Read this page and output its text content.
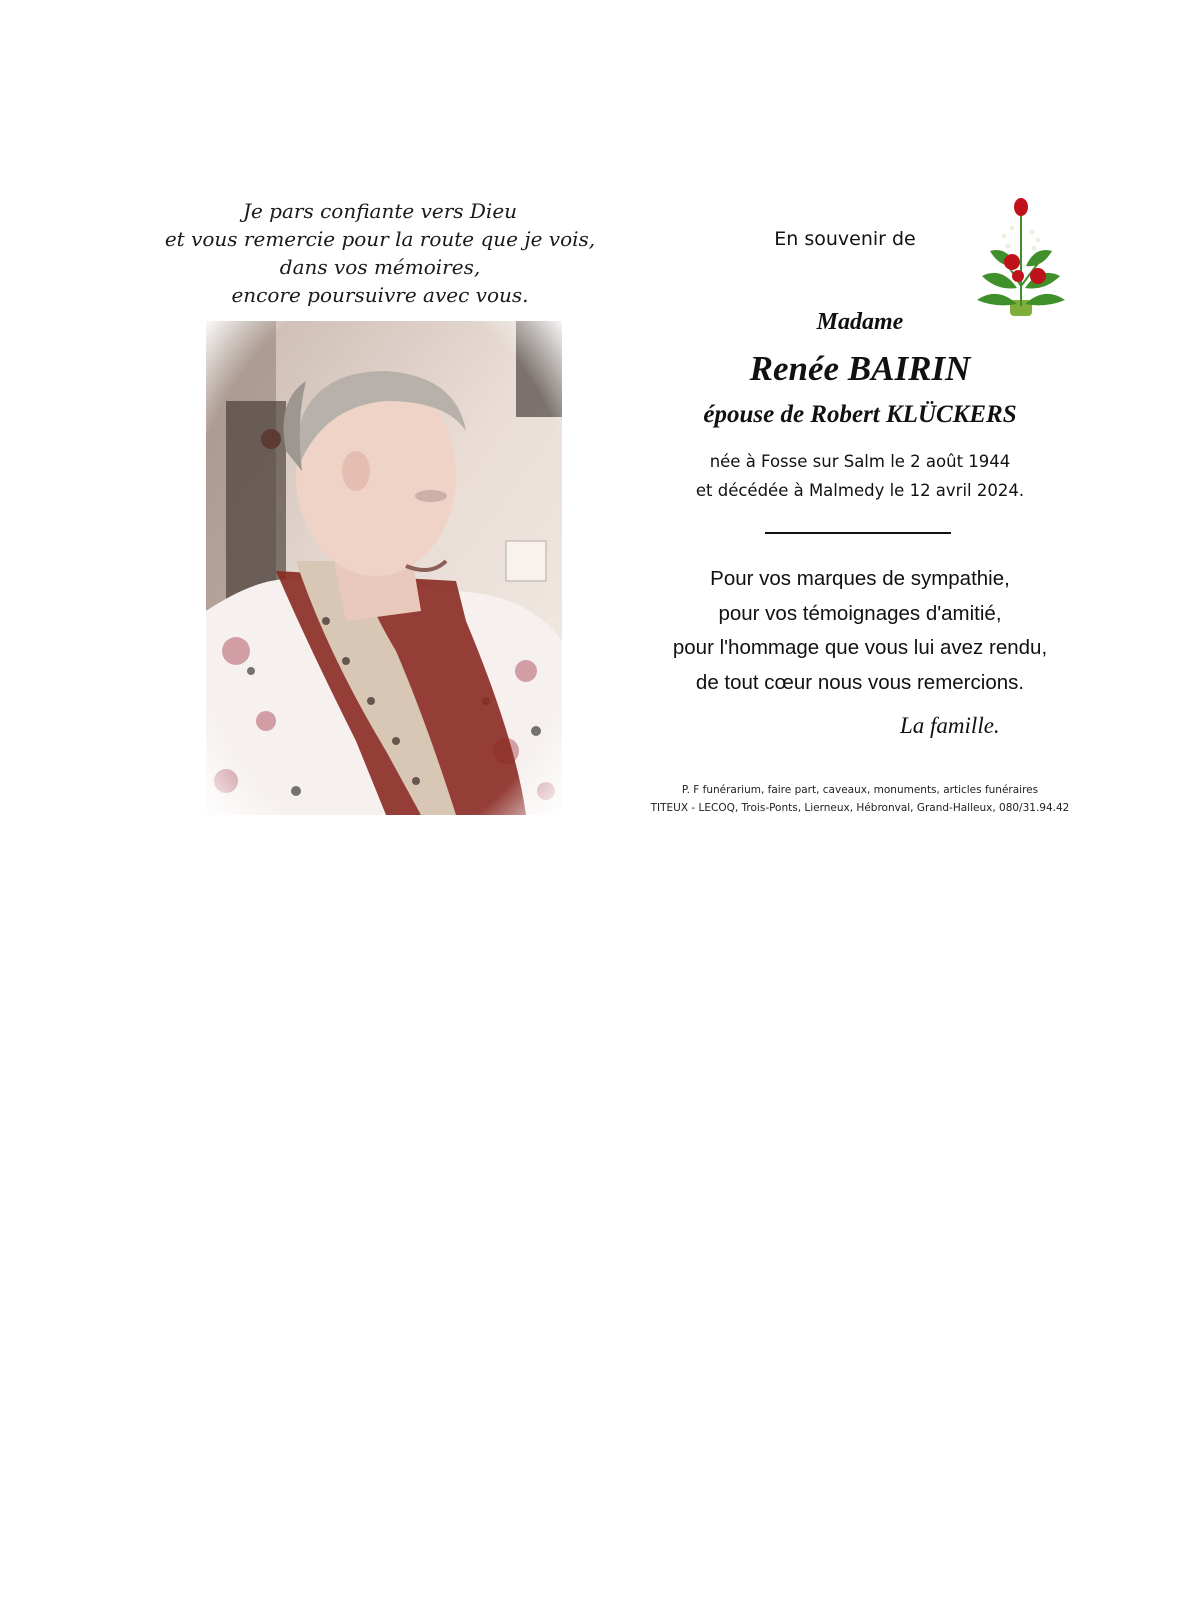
Je pars confiante vers Dieu
et vous remercie pour la route que je vois,
dans vos mémoires,
encore poursuivre avec vous.
En souvenir de
Madame
Renée BAIRIN
épouse de Robert KLÜCKERS
née à Fosse sur Salm le 2 août 1944
et décédée à Malmedy le 12 avril 2024.
Pour vos marques de sympathie,
pour vos témoignages d'amitié,
pour l'hommage que vous lui avez rendu,
de tout cœur nous vous remercions.
La famille.
P. F funérarium, faire part, caveaux, monuments, articles funéraires
TITEUX - LECOQ, Trois-Ponts, Lierneux, Hébronval, Grand-Halleux, 080/31.94.42
